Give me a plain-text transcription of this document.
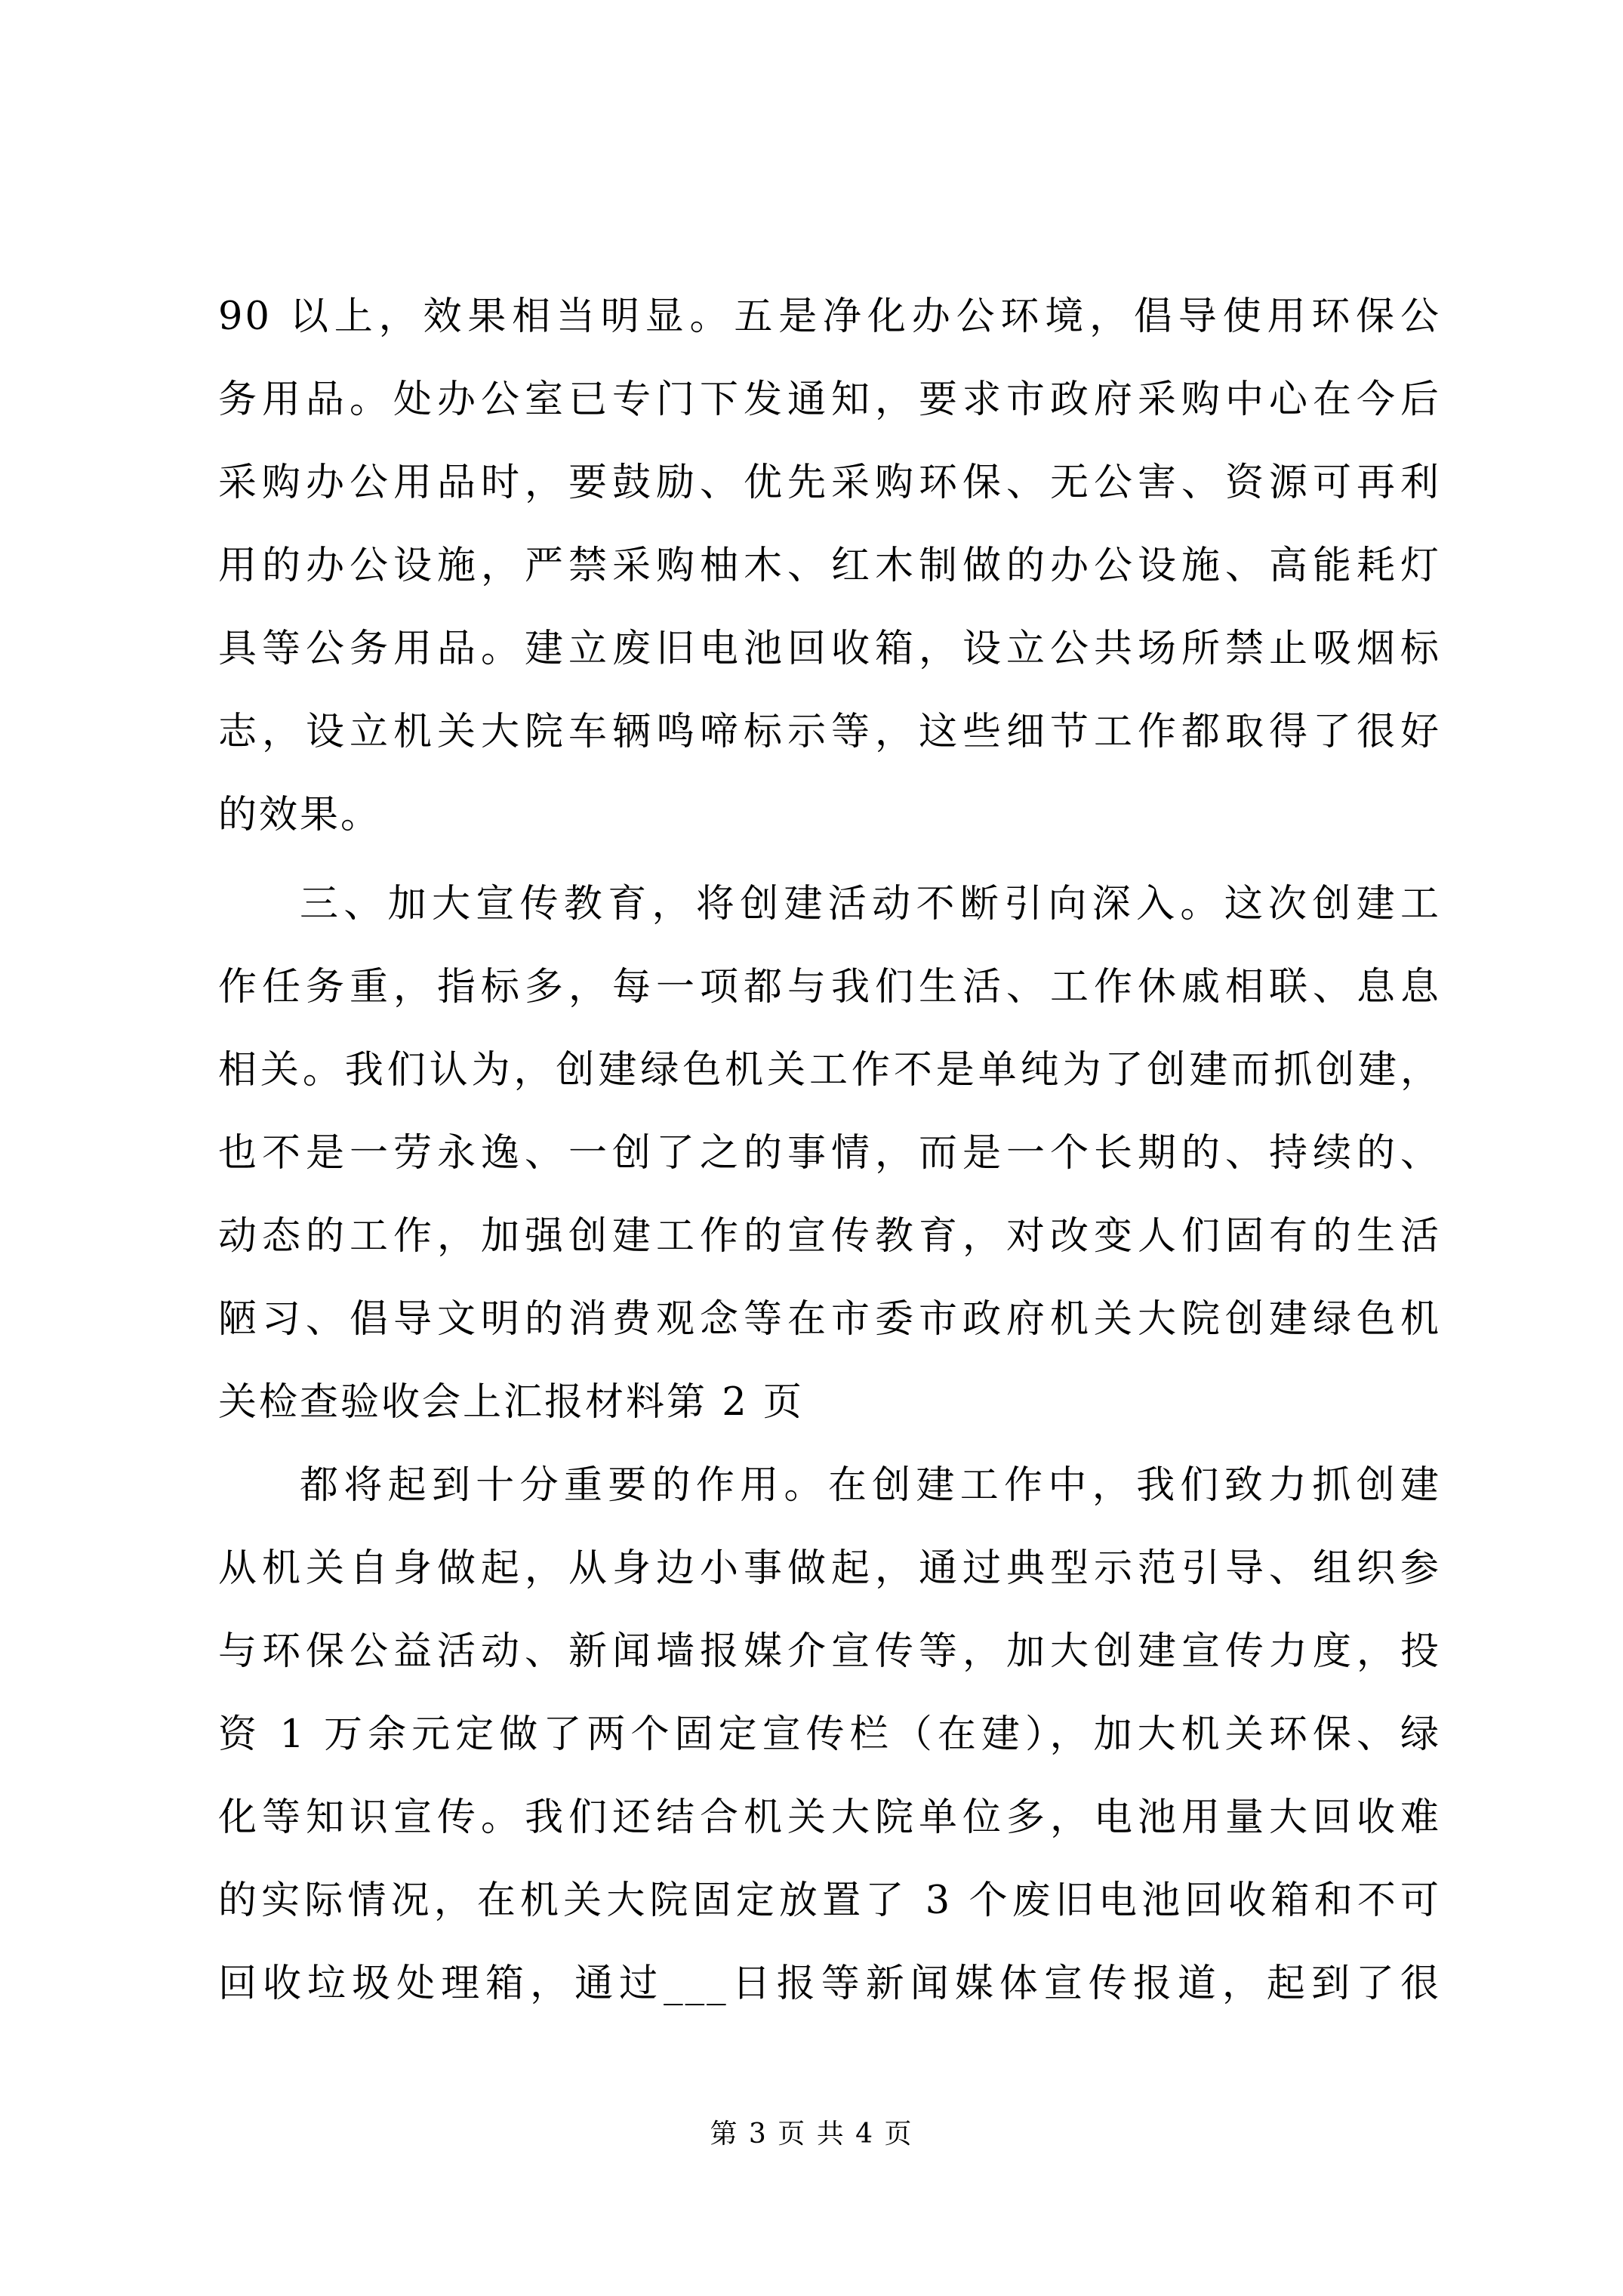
90 以上，效果相当明显。五是净化办公环境，倡导使用环保公
务用品。处办公室已专门下发通知，要求市政府采购中心在今后
采购办公用品时，要鼓励、优先采购环保、无公害、资源可再利
用的办公设施，严禁采购柚木、红木制做的办公设施、高能耗灯
具等公务用品。建立废旧电池回收箱，设立公共场所禁止吸烟标
志，设立机关大院车辆鸣啼标示等，这些细节工作都取得了很好
的效果。
三、加大宣传教育，将创建活动不断引向深入。这次创建工
作任务重，指标多，每一项都与我们生活、工作休戚相联、息息
相关。我们认为，创建绿色机关工作不是单纯为了创建而抓创建，
也不是一劳永逸、一创了之的事情，而是一个长期的、持续的、
动态的工作，加强创建工作的宣传教育，对改变人们固有的生活
陋习、倡导文明的消费观念等在市委市政府机关大院创建绿色机
关检查验收会上汇报材料第 2 页
都将起到十分重要的作用。在创建工作中，我们致力抓创建
从机关自身做起，从身边小事做起，通过典型示范引导、组织参
与环保公益活动、新闻墙报媒介宣传等，加大创建宣传力度，投
资 1 万余元定做了两个固定宣传栏（在建），加大机关环保、绿
化等知识宣传。我们还结合机关大院单位多，电池用量大回收难
的实际情况，在机关大院固定放置了 3 个废旧电池回收箱和不可
回收垃圾处理箱，通过___日报等新闻媒体宣传报道，起到了很
第 3 页 共 4 页
